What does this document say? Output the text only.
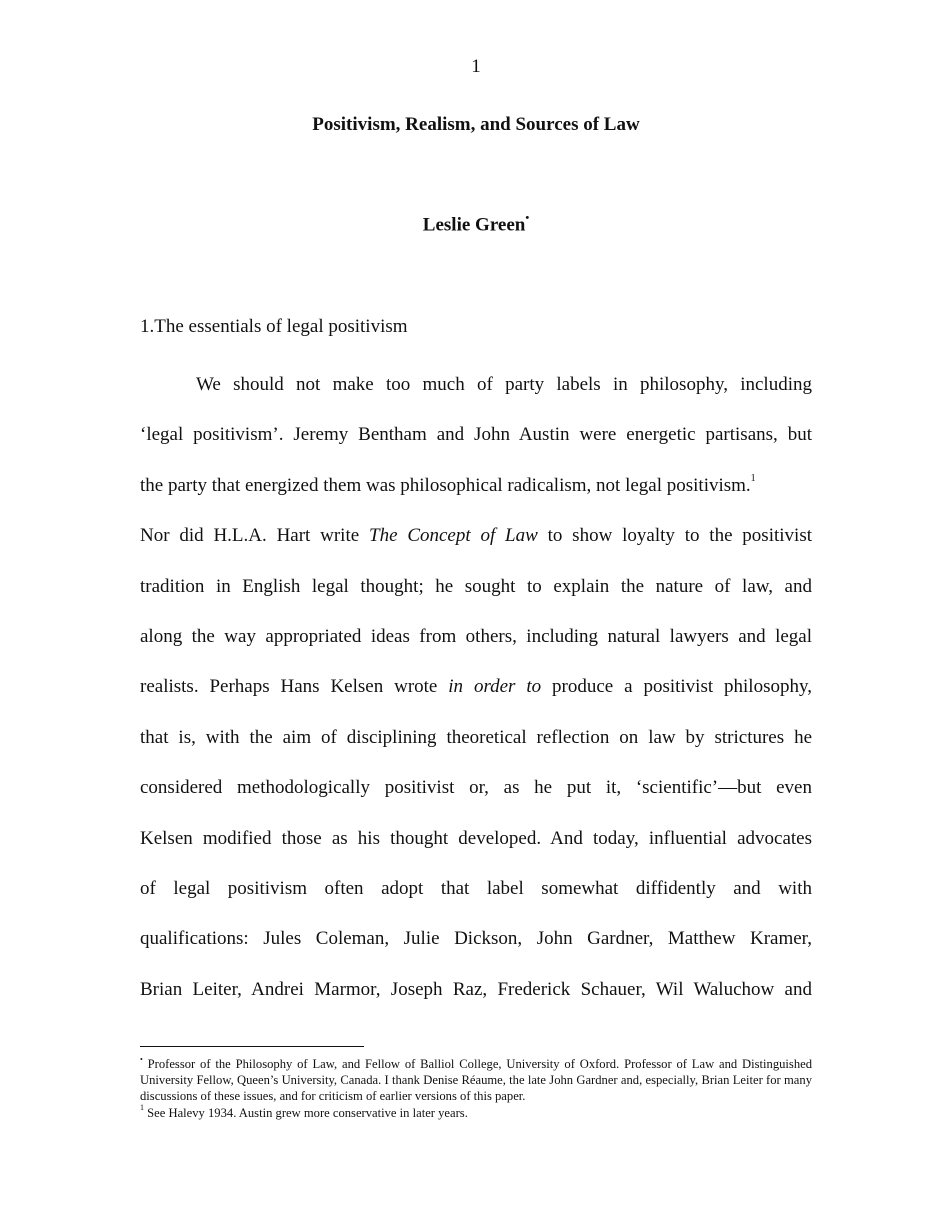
1
Positivism, Realism, and Sources of Law
Leslie Green•
1.The essentials of legal positivism
We should not make too much of party labels in philosophy, including
‘legal positivism’. Jeremy Bentham and John Austin were energetic partisans, but
the party that energized them was philosophical radicalism, not legal positivism.$^1$
Nor did H.L.A. Hart write The Concept of Law to show loyalty to the positivist
tradition in English legal thought; he sought to explain the nature of law, and
along the way appropriated ideas from others, including natural lawyers and legal
realists. Perhaps Hans Kelsen wrote in order to produce a positivist philosophy,
that is, with the aim of disciplining theoretical reflection on law by strictures he
considered methodologically positivist or, as he put it, ‘scientific’—but even
Kelsen modified those as his thought developed. And today, influential advocates
of legal positivism often adopt that label somewhat diffidently and with
qualifications: Jules Coleman, Julie Dickson, John Gardner, Matthew Kramer,
Brian Leiter, Andrei Marmor, Joseph Raz, Frederick Schauer, Wil Waluchow and

• Professor of the Philosophy of Law, and Fellow of Balliol College, University of Oxford. Professor of Law and Distinguished University Fellow, Queen’s University, Canada. I thank Denise Réaume, the late John Gardner and, especially, Brian Leiter for many discussions of these issues, and for criticism of earlier versions of this paper.

$^1$ See Halevy 1934. Austin grew more conservative in later years.
